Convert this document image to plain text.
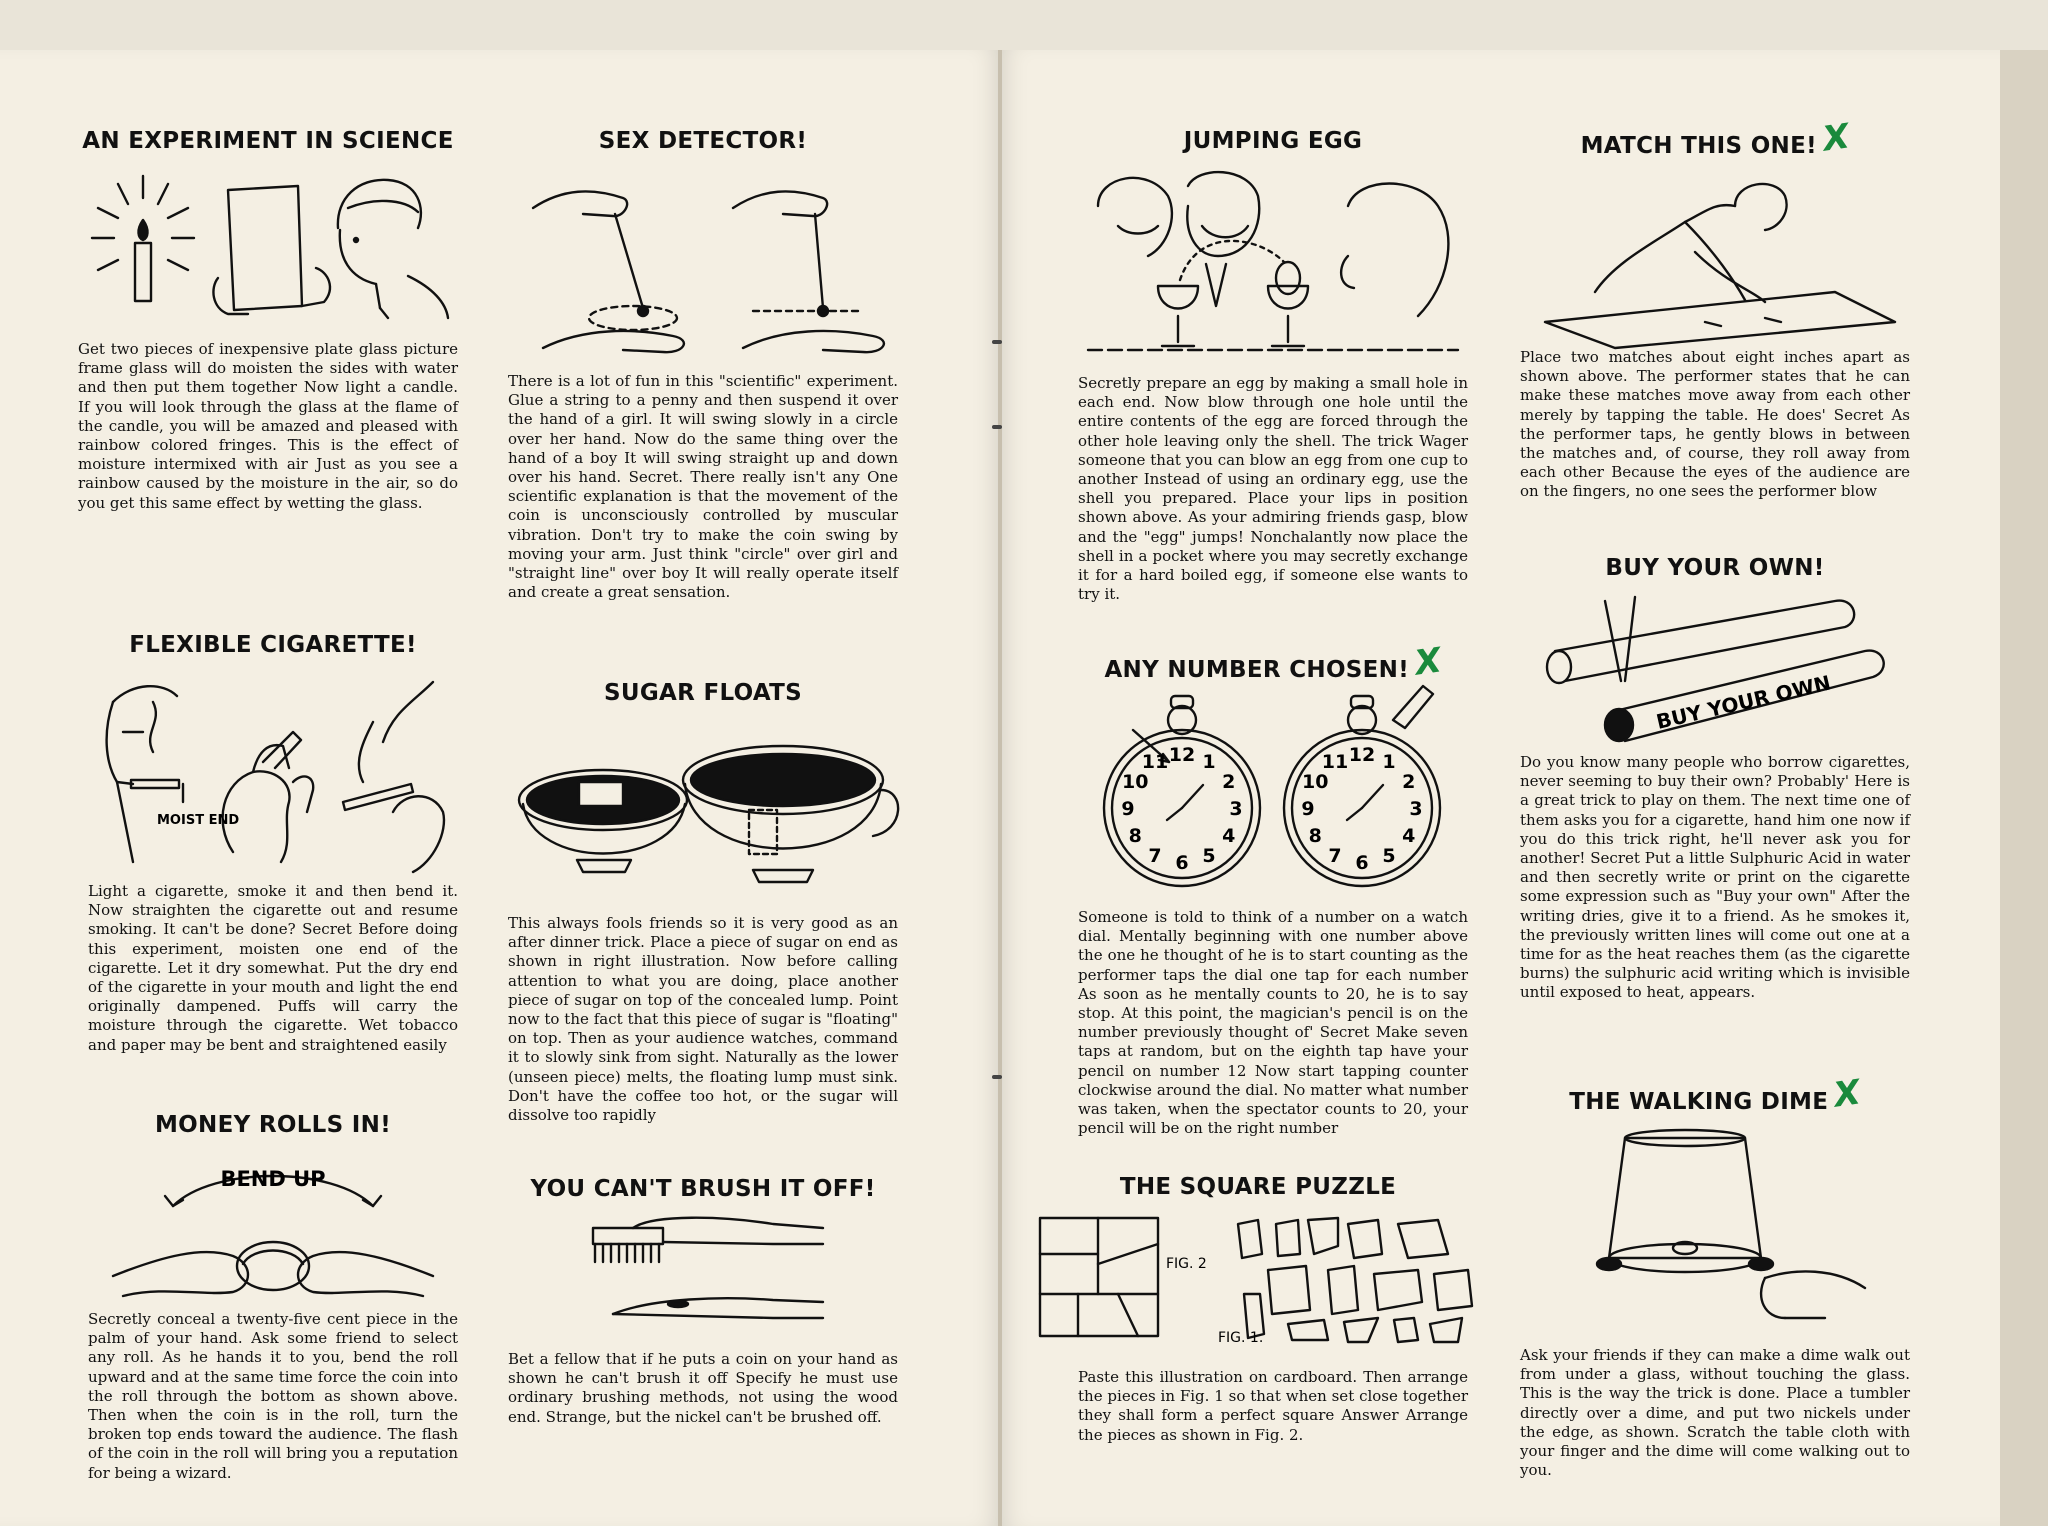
AN EXPERIMENT IN SCIENCE

Get two pieces of inexpensive plate glass picture frame glass will do moisten the sides with water and then put them together Now light a candle. If you will look through the glass at the flame of the candle, you will be amazed and pleased with rainbow colored fringes. This is the effect of moisture intermixed with air Just as you see a rainbow caused by the moisture in the air, so do you get this same effect by wetting the glass.

FLEXIBLE CIGARETTE!
MOIST END

Light a cigarette, smoke it and then bend it. Now straighten the cigarette out and resume smoking. It can't be done? Secret Before doing this experiment, moisten one end of the cigarette. Let it dry somewhat. Put the dry end of the cigarette in your mouth and light the end originally dampened. Puffs will carry the moisture through the cigarette. Wet tobacco and paper may be bent and straightened easily

MONEY ROLLS IN!
BEND UP

Secretly conceal a twenty-five cent piece in the palm of your hand. Ask some friend to select any roll. As he hands it to you, bend the roll upward and at the same time force the coin into the roll through the bottom as shown above. Then when the coin is in the roll, turn the broken top ends toward the audience. The flash of the coin in the roll will bring you a reputation for being a wizard.

SEX DETECTOR!

There is a lot of fun in this "scientific" experiment. Glue a string to a penny and then suspend it over the hand of a girl. It will swing slowly in a circle over her hand. Now do the same thing over the hand of a boy It will swing straight up and down over his hand. Secret. There really isn't any One scientific explanation is that the movement of the coin is unconsciously controlled by muscular vibration. Don't try to make the coin swing by moving your arm. Just think "circle" over girl and "straight line" over boy It will really operate itself and create a great sensation.

SUGAR FLOATS

This always fools friends so it is very good as an after dinner trick. Place a piece of sugar on end as shown in right illustration. Now before calling attention to what you are doing, place another piece of sugar on top of the concealed lump. Point now to the fact that this piece of sugar is "floating" on top. Then as your audience watches, command it to slowly sink from sight. Naturally as the lower (unseen piece) melts, the floating lump must sink. Don't have the coffee too hot, or the sugar will dissolve too rapidly

YOU CAN'T BRUSH IT OFF!

Bet a fellow that if he puts a coin on your hand as shown he can't brush it off Specify he must use ordinary brushing methods, not using the wood end. Strange, but the nickel can't be brushed off.

JUMPING EGG

Secretly prepare an egg by making a small hole in each end. Now blow through one hole until the entire contents of the egg are forced through the other hole leaving only the shell. The trick Wager someone that you can blow an egg from one cup to another Instead of using an ordinary egg, use the shell you prepared. Place your lips in position shown above. As your admiring friends gasp, blow and the "egg" jumps! Nonchalantly now place the shell in a pocket where you may secretly exchange it for a hard boiled egg, if someone else wants to try it.

ANY NUMBER CHOSEN!X
12 1
2
3
4
5
6
7
8
9
10
11	12 1
2
3
4
5
6
7
8
9
10
11

Someone is told to think of a number on a watch dial. Mentally beginning with one number above the one he thought of he is to start counting as the performer taps the dial one tap for each number As soon as he mentally counts to 20, he is to say stop. At this point, the magician's pencil is on the number previously thought of' Secret Make seven taps at random, but on the eighth tap have your pencil on number 12 Now start tapping counter clockwise around the dial. No matter what number was taken, when the spectator counts to 20, your pencil will be on the right number

THE SQUARE PUZZLE
FIG. 2
FIG. 1.

Paste this illustration on cardboard. Then arrange the pieces in Fig. 1 so that when set close together they shall form a perfect square Answer Arrange the pieces as shown in Fig. 2.

MATCH THIS ONE!X

Place two matches about eight inches apart as shown above. The performer states that he can make these matches move away from each other merely by tapping the table. He does' Secret As the performer taps, he gently blows in between the matches and, of course, they roll away from each other Because the eyes of the audience are on the fingers, no one sees the performer blow

BUY YOUR OWN!
BUY YOUR OWN

Do you know many people who borrow cigarettes, never seeming to buy their own? Probably' Here is a great trick to play on them. The next time one of them asks you for a cigarette, hand him one now if you do this trick right, he'll never ask you for another! Secret Put a little Sulphuric Acid in water and then secretly write or print on the cigarette some expression such as "Buy your own" After the writing dries, give it to a friend. As he smokes it, the previously written lines will come out one at a time for as the heat reaches them (as the cigarette burns) the sulphuric acid writing which is invisible until exposed to heat, appears.

THE WALKING DIMEX

Ask your friends if they can make a dime walk out from under a glass, without touching the glass. This is the way the trick is done. Place a tumbler directly over a dime, and put two nickels under the edge, as shown. Scratch the table cloth with your finger and the dime will come walking out to you.
